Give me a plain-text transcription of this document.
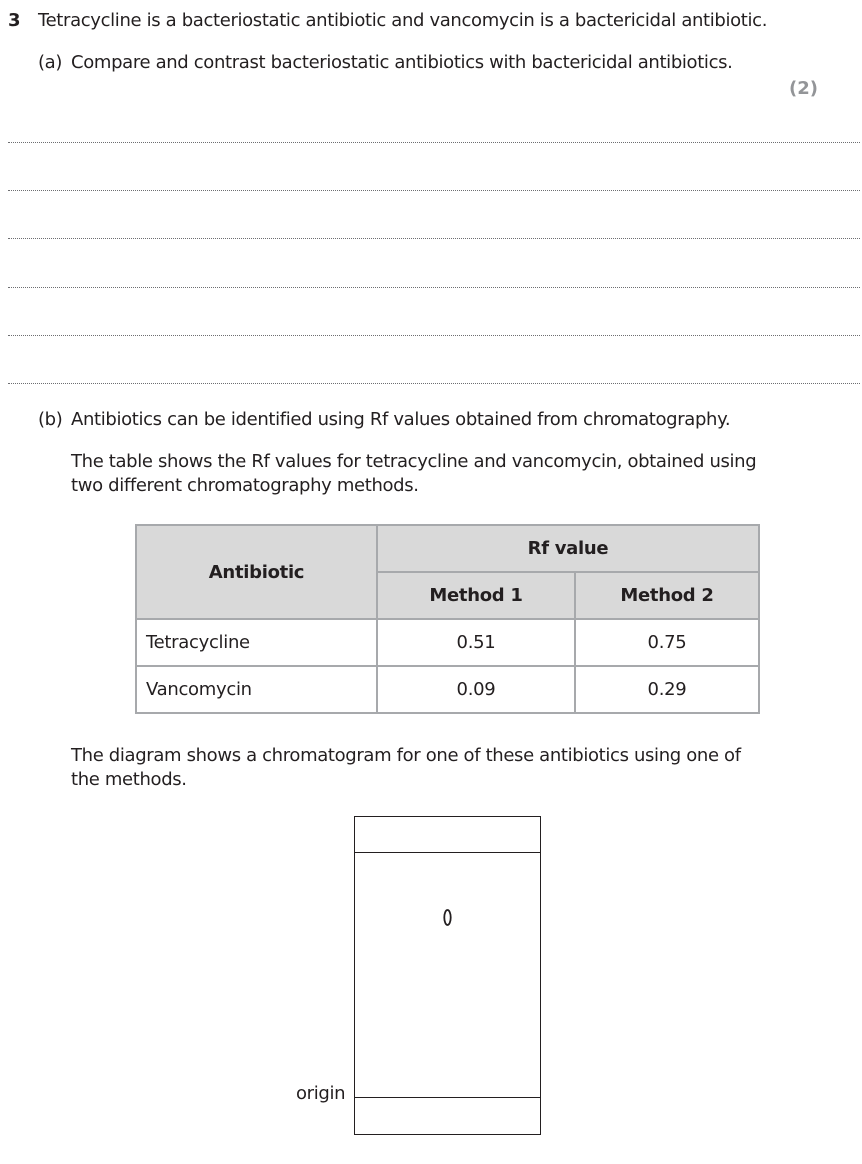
3 Tetracycline is a bacteriostatic antibiotic and vancomycin is a bactericidal antibiotic.
(a) Compare and contrast bacteriostatic antibiotics with bactericidal antibiotics.
(2)
(b) Antibiotics can be identified using Rf values obtained from chromatography.
The table shows the Rf values for tetracycline and vancomycin, obtained using
two different chromatography methods.
Antibiotic	Rf value	
	Method 1	Method 2
Tetracycline	0.51	0.75
Vancomycin	0.09	0.29
The diagram shows a chromatogram for one of these antibiotics using one of
the methods.
origin
